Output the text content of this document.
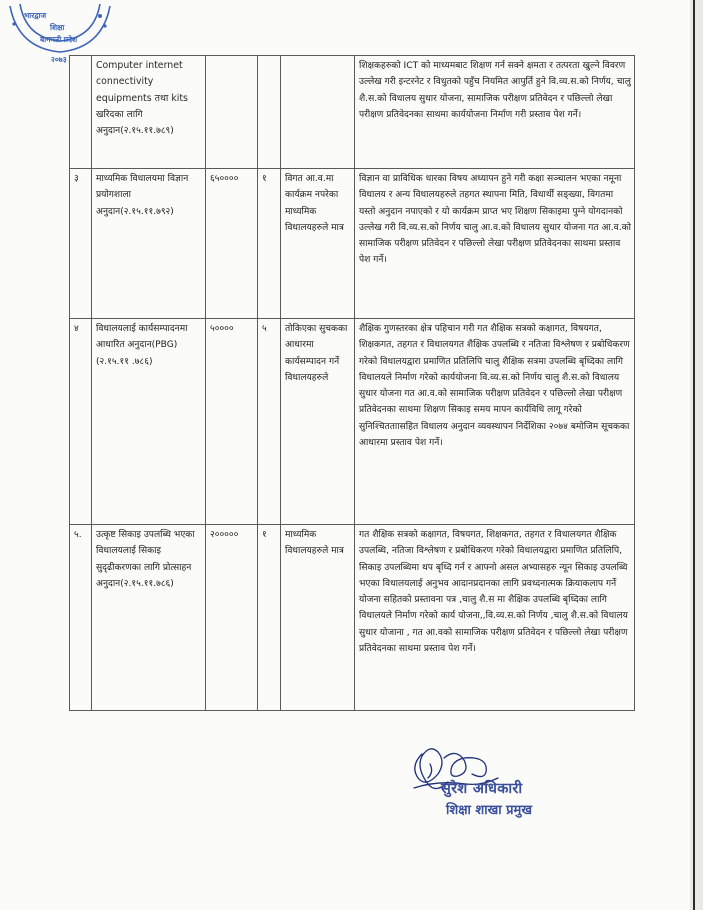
भारद्वाज
शिक्षा
बागमती प्रदेश
२०७३
	Computer internet connectivity equipments तथा kits खरिदका लागि अनुदान(२.१५.११.७८९)				शिक्षकहरुको ICT को माध्यमबाट शिक्षण गर्न सक्ने क्षमता र तत्परता खुल्ने विवरण उल्लेख गरी इन्टरनेट र विधुतको पहुँच नियमित आपुर्ति हुने वि.व्य.स.को निर्णय, चालु शै.स.को विधालय सुधार योजना, सामाजिक परीक्षण प्रतिवेदन र पछिल्लो लेखा परीक्षण प्रतिवेदनका साथमा कार्ययोजना निर्माण गरी प्रस्ताव पेश गर्ने।

३	माध्यमिक विधालयमा विज्ञान प्रयोगशाला अनुदान(२.१५.११.७९२)	६५००००	१	विगत आ.व.मा कार्यक्रम नपरेका माध्यमिक विधालयहरुले मात्र	विज्ञान वा प्राविधिक धारका विषय अध्यापन हुने गरी कक्षा सञ्चालन भएका नमूना विधालय र अन्य विधालयहरुले तहगत स्थापना मिति, विधार्थी सङ्ख्या, विगतमा यस्तो अनुदान नपाएको र यो कार्यक्रम प्राप्त भए शिक्षण सिकाइमा पुग्ने योगदानको उल्लेख गरी वि.व्य.स.को निर्णय चालु आ.व.को विधालय सुधार योजना गत आ.व.को सामाजिक परीक्षण प्रतिवेदन र पछिल्लो लेखा परीक्षण प्रतिवेदनका साथमा प्रस्ताव पेश गर्ने।

४	विधालयलाई कार्यसम्पादनमा आधारित अनुदान(PBG)(२.१५.११ .७८६)	५००००	५	तोकिएका सुचकका आधारमा कार्यसम्पादन गर्ने विधालयहरुले	शैक्षिक गुणस्तरका क्षेत्र पहिचान गरी गत शैक्षिक सत्रको कक्षागत, विषयगत, शिक्षकगत, तहगत र विधालयगत शैक्षिक उपलब्धि र नतिजा विश्लेषण र प्रबोधिकरण गरेको विधालयद्वारा प्रमाणित प्रतिलिपि चालु शैक्षिक सत्रमा उपलब्धि बृध्दिका लागि विधालयले निर्माण गरेको कार्ययोजना वि.व्य.स.को निर्णय चालु शै.स.को विधालय सुधार योजना गत आ.व.को सामाजिक परीक्षण प्रतिवेदन र पछिल्लो लेखा परीक्षण प्रतिवेदनका साथमा शिक्षण सिकाइ समय मापन कार्यविधि लागू गरेको सुनिश्चितताासहित विधालय अनुदान व्यवस्थापन निर्देशिका २०७४ बमोजिम सूचकका आधारमा प्रस्ताव पेश गर्ने।

५.	उत्कृष्ट सिकाइ उपलब्धि भएका विधालयलाई सिकाइ सुदृढीकरणका लागि प्रोत्साहन अनुदान(२.१५.११.७८६)	२०००००	१	माध्यमिक विधालयहरुले मात्र	गत शैक्षिक सत्रको कक्षागत, विषयगत, शिक्षकगत, तहगत र विधालयगत शैक्षिक उपलब्धि, नतिजा विश्लेषण र प्रबोधिकरण गरेको विधालयद्वारा प्रमाणित प्रतिलिपि, सिकाइ उपलब्धिमा थप बृध्दि गर्न र आफ्नो असल अभ्यासहरु न्यून सिकाइ उपलब्धि भएका विधालयलाई अनुभव आदानप्रदानका लागि प्रवध्दनात्मक क्रियाकलाप गर्ने योजना सहितको प्रस्तावना पत्र ,चालु शै.स मा शैक्षिक उपलब्धि बृध्दिका लागि विधालयले निर्माण गरेको कार्य योजना,,वि.व्य.स.को निर्णय ,चालु शै.स.को विधालय सुधार योजाना , गत आ.वको सामाजिक परीक्षण प्रतिवेदन र पछिल्लो लेखा परीक्षण प्रतिवेदनका साथमा प्रस्ताव पेश गर्ने।
सुरेश अधिकारी
शिक्षा शाखा प्रमुख
